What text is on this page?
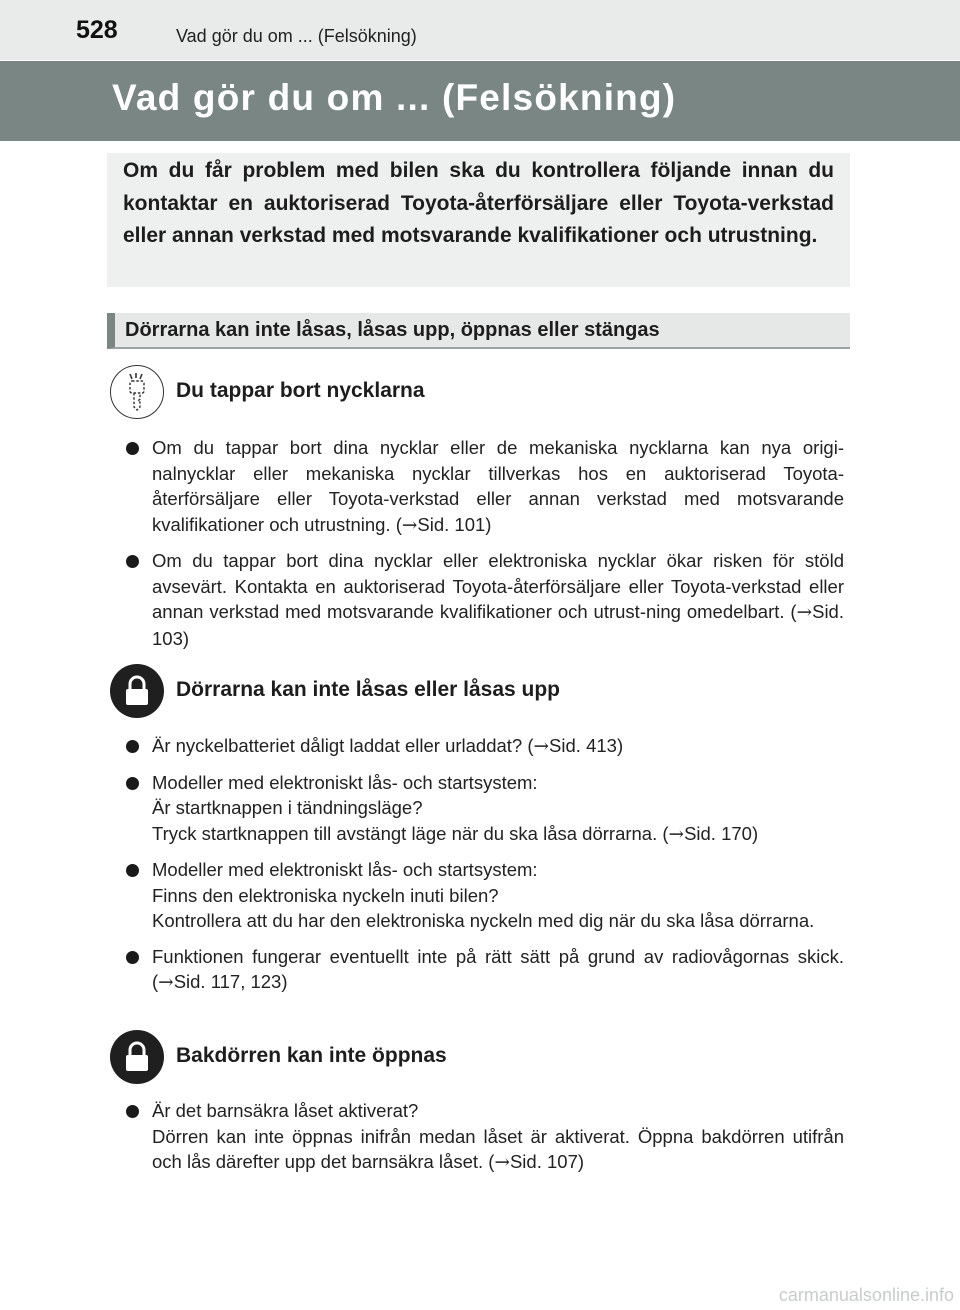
528	Vad gör du om ... (Felsökning)
Vad gör du om ... (Felsökning)

Om du får problem med bilen ska du kontrollera följande innan du kontaktar en auktoriserad Toyota-återförsäljare eller Toyota-verkstad eller annan verkstad med motsvarande kvalifikationer och utrustning.

Dörrarna kan inte låsas, låsas upp, öppnas eller stängas
Du tappar bort nycklarna
Om du tappar bort dina nycklar eller de mekaniska nycklarna kan nya origi-nalnycklar eller mekaniska nycklar tillverkas hos en auktoriserad Toyota-återförsäljare eller Toyota-verkstad eller annan verkstad med motsvarande kvalifikationer och utrustning. (→Sid. 101)
Om du tappar bort dina nycklar eller elektroniska nycklar ökar risken för stöld avsevärt. Kontakta en auktoriserad Toyota-återförsäljare eller Toyota-verkstad eller annan verkstad med motsvarande kvalifikationer och utrust-ning omedelbart. (→Sid. 103)
Dörrarna kan inte låsas eller låsas upp
Är nyckelbatteriet dåligt laddat eller urladdat? (→Sid. 413)
Modeller med elektroniskt lås- och startsystem:
Är startknappen i tändningsläge?
Tryck startknappen till avstängt läge när du ska låsa dörrarna. (→Sid. 170)
Modeller med elektroniskt lås- och startsystem:
Finns den elektroniska nyckeln inuti bilen?
Kontrollera att du har den elektroniska nyckeln med dig när du ska låsa dörrarna.
Funktionen fungerar eventuellt inte på rätt sätt på grund av radiovågornas skick. (→Sid. 117, 123)
Bakdörren kan inte öppnas
Är det barnsäkra låset aktiverat?
Dörren kan inte öppnas inifrån medan låset är aktiverat. Öppna bakdörren utifrån och lås därefter upp det barnsäkra låset. (→Sid. 107)
carmanualsonline.info
